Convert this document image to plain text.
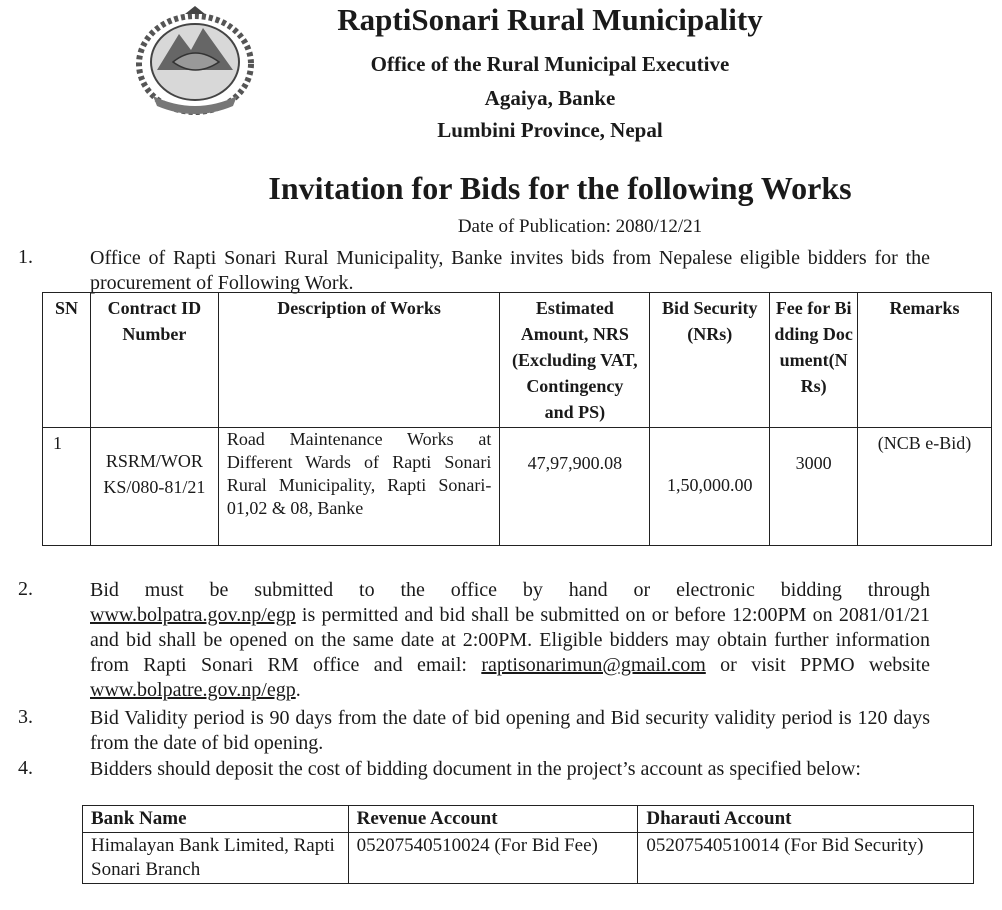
RaptiSonari Rural Municipality
Office of the Rural Municipal Executive
Agaiya, Banke
Lumbini Province, Nepal
Invitation for Bids for the following Works
Date of Publication: 2080/12/21
1.	Office of Rapti Sonari Rural Municipality, Banke invites bids from Nepalese eligible bidders for the procurement of Following Work.
SN	Contract ID Number	Description of Works	Estimated Amount, NRS (Excluding VAT, Contingency and PS)	Bid Security (NRs)	Fee for Bidding Document(NRs)	Remarks
1	RSRM/WORKS/080-81/21	Road Maintenance Works at Different Wards of Rapti Sonari Rural Municipality, Rapti Sonari-01,02 & 08, Banke	47,97,900.08	1,50,000.00	3000	(NCB e-Bid)
2.	Bid must be submitted to the office by hand or electronic bidding through
www.bolpatra.gov.np/egp is permitted and bid shall be submitted on or before 12:00PM on 2081/01/21 and bid shall be opened on the same date at 2:00PM. Eligible bidders may obtain further information from Rapti Sonari RM office and email: raptisonarimun@gmail.com or visit PPMO website www.bolpatre.gov.np/egp.
3.	Bid Validity period is 90 days from the date of bid opening and Bid security validity period is 120 days from the date of bid opening.
4.	Bidders should deposit the cost of bidding document in the project’s account as specified below:
Bank Name	Revenue Account	Dharauti Account
Himalayan Bank Limited, Rapti Sonari Branch	05207540510024 (For Bid Fee)	05207540510014 (For Bid Security)
